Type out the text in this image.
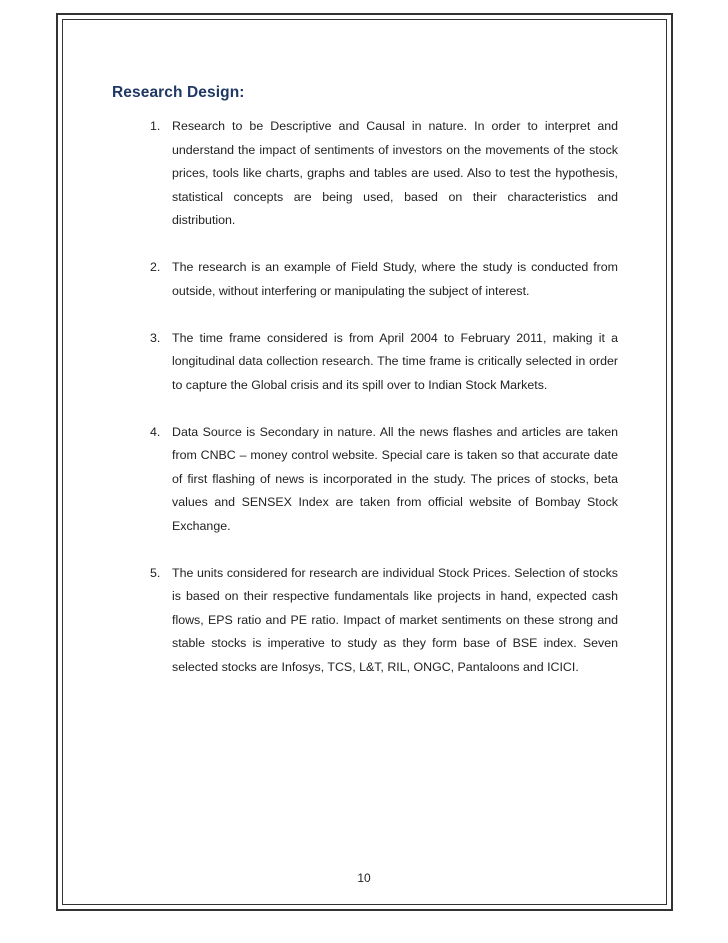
Research Design:
1. Research to be Descriptive and Causal in nature. In order to interpret and understand the impact of sentiments of investors on the movements of the stock prices, tools like charts, graphs and tables are used. Also to test the hypothesis, statistical concepts are being used, based on their characteristics and distribution.
2. The research is an example of Field Study, where the study is conducted from outside, without interfering or manipulating the subject of interest.
3. The time frame considered is from April 2004 to February 2011, making it a longitudinal data collection research. The time frame is critically selected in order to capture the Global crisis and its spill over to Indian Stock Markets.
4. Data Source is Secondary in nature. All the news flashes and articles are taken from CNBC – money control website. Special care is taken so that accurate date of first flashing of news is incorporated in the study. The prices of stocks, beta values and SENSEX Index are taken from official website of Bombay Stock Exchange.
5. The units considered for research are individual Stock Prices. Selection of stocks is based on their respective fundamentals like projects in hand, expected cash flows, EPS ratio and PE ratio. Impact of market sentiments on these strong and stable stocks is imperative to study as they form base of BSE index. Seven selected stocks are Infosys, TCS, L&T, RIL, ONGC, Pantaloons and ICICI.
10
